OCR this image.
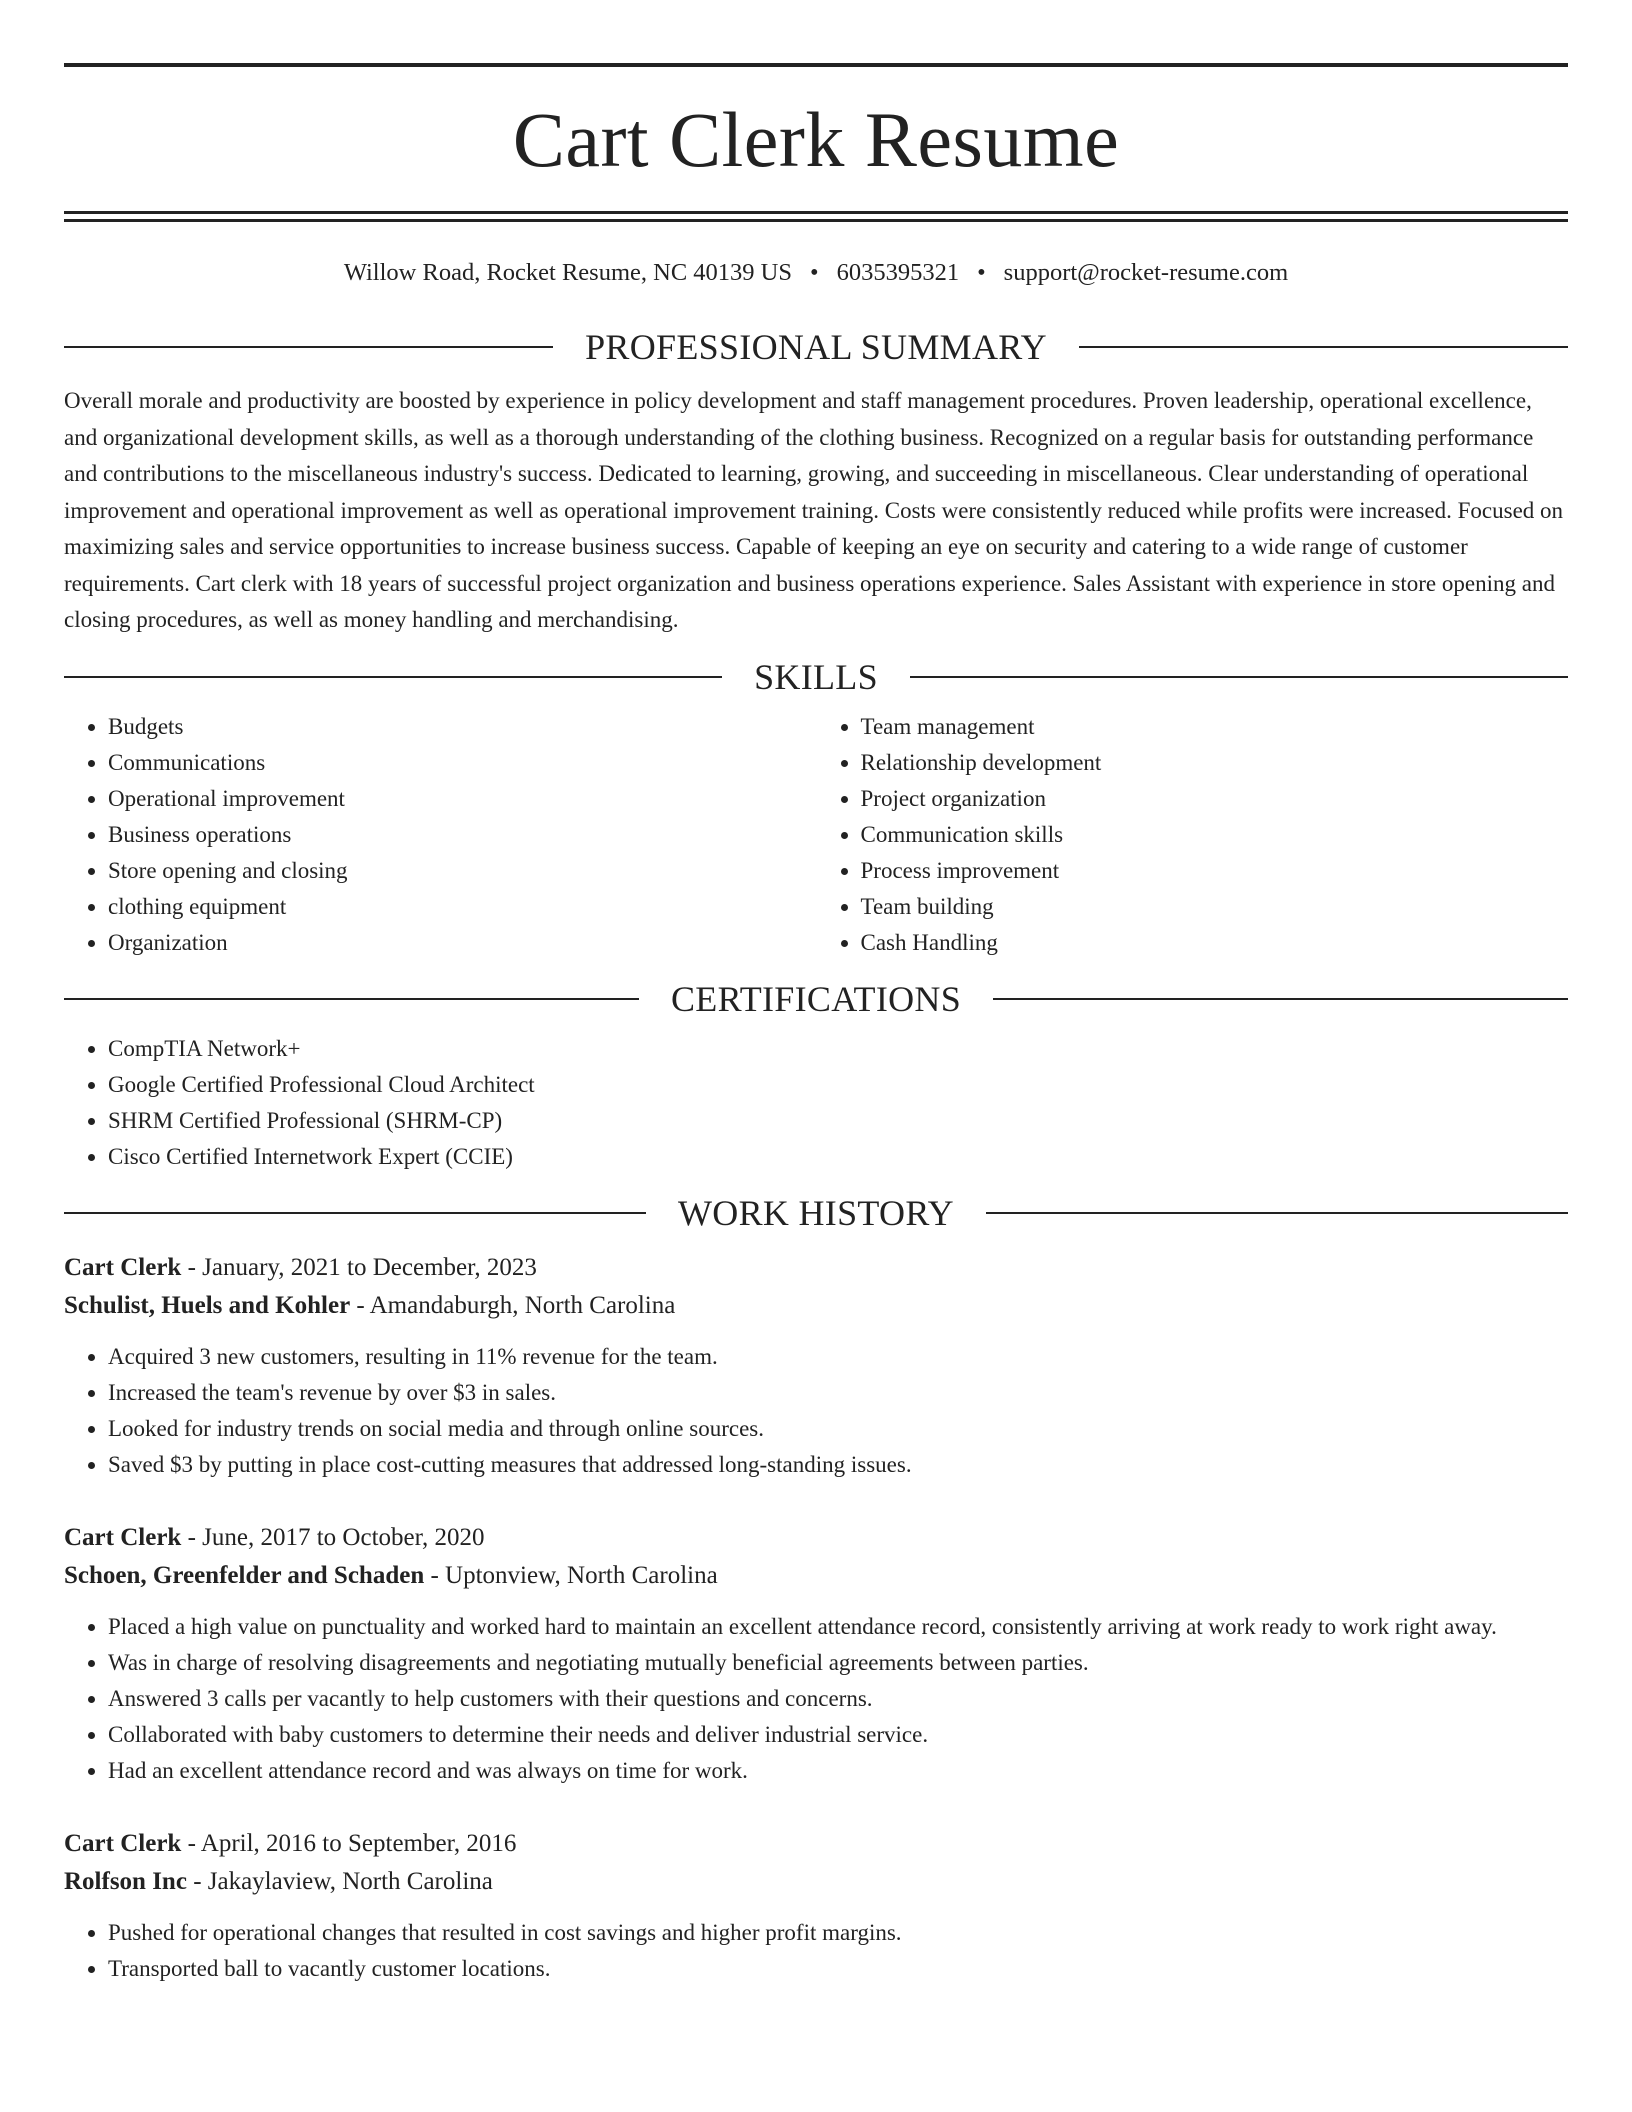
Cart Clerk Resume
Willow Road, Rocket Resume, NC 40139 US • 6035395321 • support@rocket-resume.com
PROFESSIONAL SUMMARY

Overall morale and productivity are boosted by experience in policy development and staff management procedures. Proven leadership, operational excellence, and organizational development skills, as well as a thorough understanding of the clothing business. Recognized on a regular basis for outstanding performance and contributions to the miscellaneous industry's success. Dedicated to learning, growing, and succeeding in miscellaneous. Clear understanding of operational improvement and operational improvement as well as operational improvement training. Costs were consistently reduced while profits were increased. Focused on maximizing sales and service opportunities to increase business success. Capable of keeping an eye on security and catering to a wide range of customer requirements. Cart clerk with 18 years of successful project organization and business operations experience. Sales Assistant with experience in store opening and closing procedures, as well as money handling and merchandising.

SKILLS
• Budgets
• Communications
• Operational improvement
• Business operations
• Store opening and closing
• clothing equipment
• Organization
• Team management
• Relationship development
• Project organization
• Communication skills
• Process improvement
• Team building
• Cash Handling
CERTIFICATIONS
• CompTIA Network+
• Google Certified Professional Cloud Architect
• SHRM Certified Professional (SHRM-CP)
• Cisco Certified Internetwork Expert (CCIE)
WORK HISTORY
Cart Clerk - January, 2021 to December, 2023
Schulist, Huels and Kohler - Amandaburgh, North Carolina
• Acquired 3 new customers, resulting in 11% revenue for the team.
• Increased the team's revenue by over $3 in sales.
• Looked for industry trends on social media and through online sources.
• Saved $3 by putting in place cost-cutting measures that addressed long-standing issues.
Cart Clerk - June, 2017 to October, 2020
Schoen, Greenfelder and Schaden - Uptonview, North Carolina
• Placed a high value on punctuality and worked hard to maintain an excellent attendance record, consistently arriving at work ready to work right away.
• Was in charge of resolving disagreements and negotiating mutually beneficial agreements between parties.
• Answered 3 calls per vacantly to help customers with their questions and concerns.
• Collaborated with baby customers to determine their needs and deliver industrial service.
• Had an excellent attendance record and was always on time for work.
Cart Clerk - April, 2016 to September, 2016
Rolfson Inc - Jakaylaview, North Carolina
• Pushed for operational changes that resulted in cost savings and higher profit margins.
• Transported ball to vacantly customer locations.
